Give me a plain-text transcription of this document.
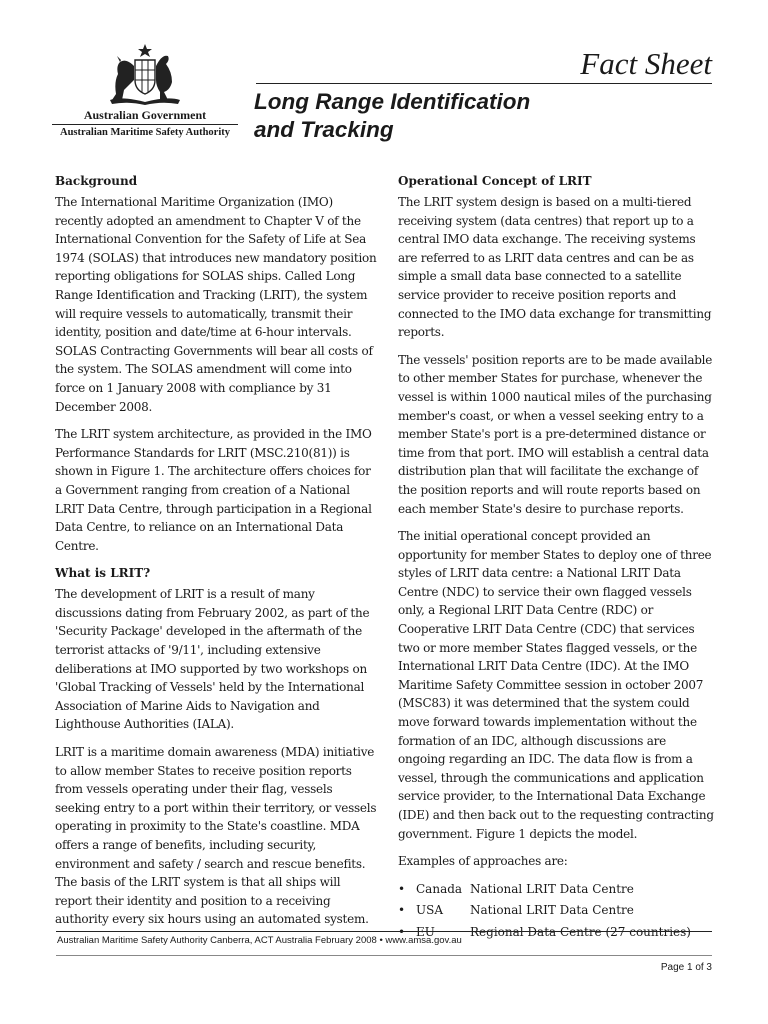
Australian Government
Australian Maritime Safety Authority
Fact Sheet
Long Range Identification
and Tracking
Background

The International Maritime Organization (IMO) recently adopted an amendment to Chapter V of the International Convention for the Safety of Life at Sea 1974 (SOLAS) that introduces new mandatory position reporting obligations for SOLAS ships. Called Long Range Identification and Tracking (LRIT), the system will require vessels to automatically, transmit their identity, position and date/time at 6-hour intervals. SOLAS Contracting Governments will bear all costs of the system. The SOLAS amendment will come into force on 1 January 2008 with compliance by 31 December 2008.

The LRIT system architecture, as provided in the IMO Performance Standards for LRIT (MSC.210(81)) is shown in Figure 1. The architecture offers choices for a Government ranging from creation of a National LRIT Data Centre, through participation in a Regional Data Centre, to reliance on an International Data Centre.

What is LRIT?

The development of LRIT is a result of many discussions dating from February 2002, as part of the 'Security Package' developed in the aftermath of the terrorist attacks of '9/11', including extensive deliberations at IMO supported by two workshops on 'Global Tracking of Vessels' held by the International Association of Marine Aids to Navigation and Lighthouse Authorities (IALA).

LRIT is a maritime domain awareness (MDA) initiative to allow member States to receive position reports from vessels operating under their flag, vessels seeking entry to a port within their territory, or vessels operating in proximity to the State's coastline. MDA offers a range of benefits, including security, environment and safety / search and rescue benefits. The basis of the LRIT system is that all ships will report their identity and position to a receiving authority every six hours using an automated system.

Operational Concept of LRIT

The LRIT system design is based on a multi-tiered receiving system (data centres) that report up to a central IMO data exchange. The receiving systems are referred to as LRIT data centres and can be as simple a small data base connected to a satellite service provider to receive position reports and connected to the IMO data exchange for transmitting reports.

The vessels' position reports are to be made available to other member States for purchase, whenever the vessel is within 1000 nautical miles of the purchasing member's coast, or when a vessel seeking entry to a member State's port is a pre-determined distance or time from that port. IMO will establish a central data distribution plan that will facilitate the exchange of the position reports and will route reports based on each member State's desire to purchase reports.

The initial operational concept provided an opportunity for member States to deploy one of three styles of LRIT data centre: a National LRIT Data Centre (NDC) to service their own flagged vessels only, a Regional LRIT Data Centre (RDC) or Cooperative LRIT Data Centre (CDC) that services two or more member States flagged vessels, or the International LRIT Data Centre (IDC). At the IMO Maritime Safety Committee session in october 2007 (MSC83) it was determined that the system could move forward towards implementation without the formation of an IDC, although discussions are ongoing regarding an IDC. The data flow is from a vessel, through the communications and application service provider, to the International Data Exchange (IDE) and then back out to the requesting contracting government. Figure 1 depicts the model.

Examples of approaches are:

• Canada National LRIT Data Centre
• USA	National LRIT Data Centre
Australian Maritime Safety Authority Canberra, ACT Australia February 2008 • www.amsa.gov.au
Page 1 of 3
